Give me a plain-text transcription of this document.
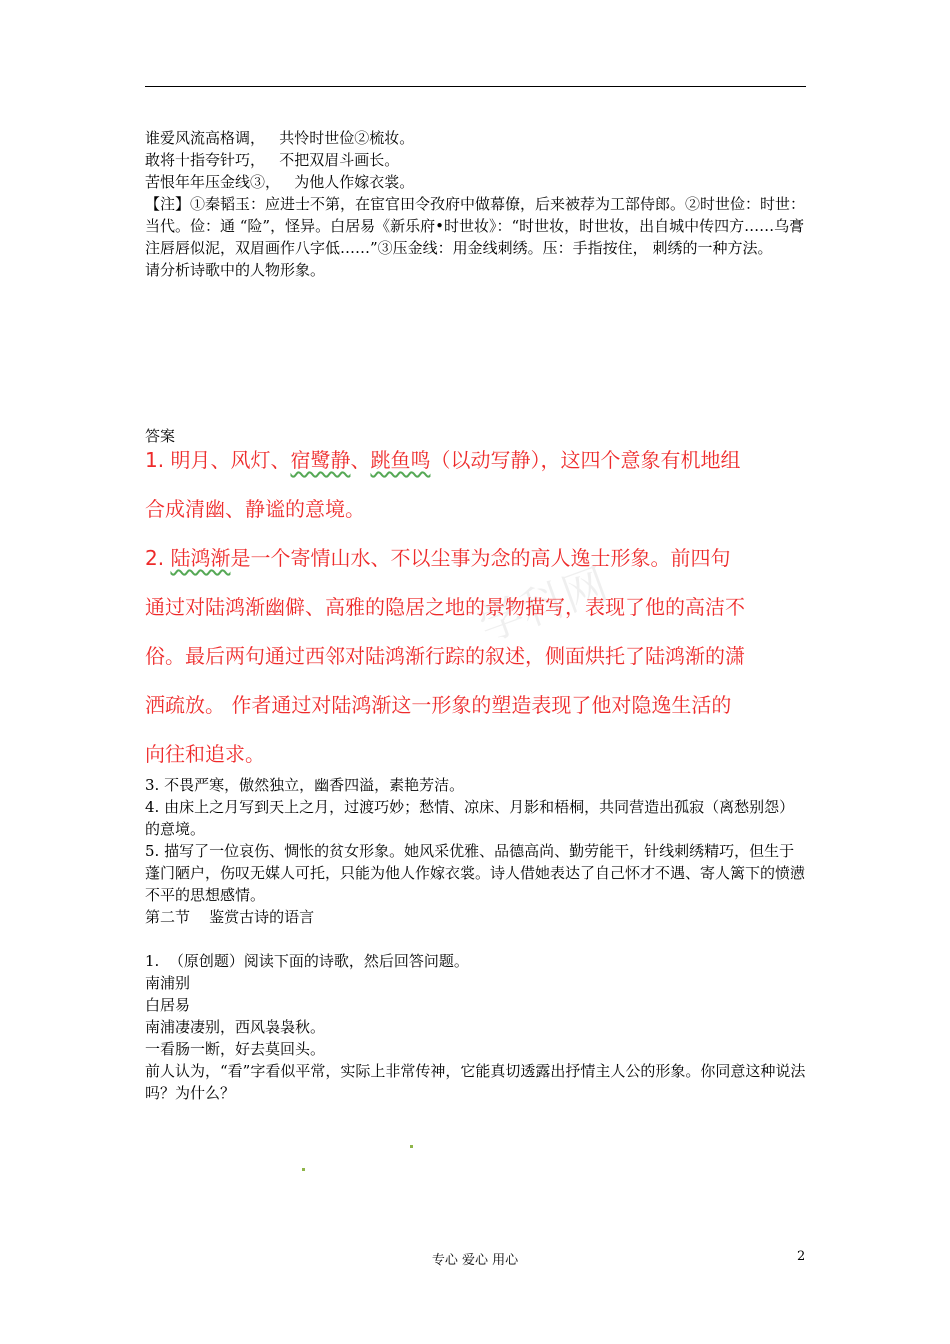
谁爱风流高格调，   共怜时世俭②梳妆。
敢将十指夸针巧，   不把双眉斗画长。
苦恨年年压金线③，   为他人作嫁衣裳。
【注】①秦韬玉：应进士不第，在宦官田令孜府中做幕僚，后来被荐为工部侍郎。②时世俭：时世：当代。俭：通 “险”，怪异。白居易《新乐府•时世妆》：“时世妆，时世妆，出自城中传四方……乌膏注唇唇似泥，双眉画作八字低……”③压金线：用金线刺绣。压：手指按住， 刺绣的一种方法。
请分析诗歌中的人物形象。
答案
学科网
1. 明月、风灯、宿鹭静、跳鱼鸣（以动写静），这四个意象有机地组
合成清幽、静谧的意境。
2. 陆鸿渐是一个寄情山水、不以尘事为念的高人逸士形象。前四句
通过对陆鸿渐幽僻、高雅的隐居之地的景物描写，表现了他的高洁不
俗。最后两句通过西邻对陆鸿渐行踪的叙述，侧面烘托了陆鸿渐的潇
洒疏放。 作者通过对陆鸿渐这一形象的塑造表现了他对隐逸生活的
向往和追求。
3. 不畏严寒，傲然独立，幽香四溢，素艳芳洁。
4. 由床上之月写到天上之月，过渡巧妙；愁情、凉床、月影和梧桐，共同营造出孤寂（离愁别怨）的意境。
5. 描写了一位哀伤、惆怅的贫女形象。她风采优雅、品德高尚、勤劳能干，针线刺绣精巧，但生于蓬门陋户，伤叹无媒人可托，只能为他人作嫁衣裳。诗人借她表达了自己怀才不遇、寄人篱下的愤懑不平的思想感情。
第二节    鉴赏古诗的语言
1.  （原创题）阅读下面的诗歌，然后回答问题。
南浦别
白居易
南浦凄凄别，西风袅袅秋。
一看肠一断，好去莫回头。
前人认为，“看”字看似平常，实际上非常传神，它能真切透露出抒情主人公的形象。你同意这种说法吗？为什么？
专心 爱心 用心	2
